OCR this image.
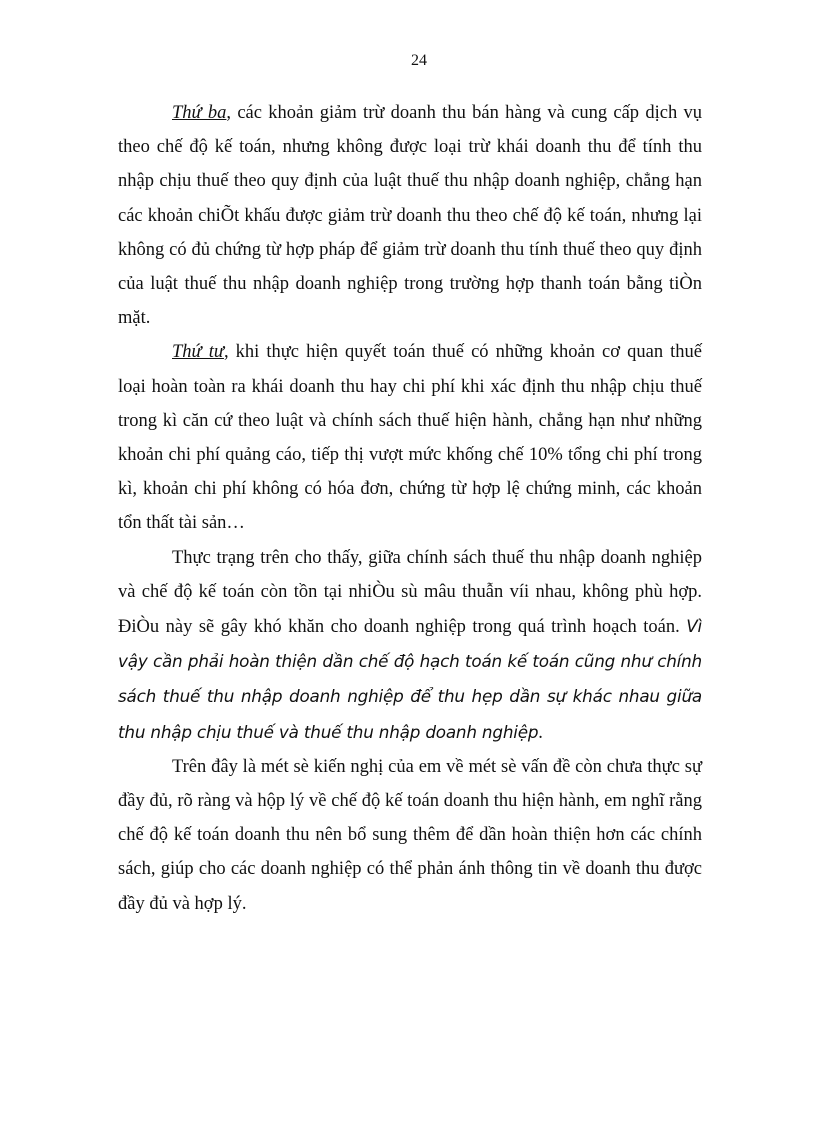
24

Thứ ba, các khoản giảm trừ doanh thu bán hàng và cung cấp dịch vụ theo chế độ kế toán, nhưng không được loại trừ khái doanh thu để tính thu nhập chịu thuế theo quy định của luật thuế thu nhập doanh nghiệp, chẳng hạn các khoản chiÕt khấu được giảm trừ doanh thu theo chế độ kế toán, nhưng lại không có đủ chứng từ hợp pháp để giảm trừ doanh thu tính thuế theo quy định của luật thuế thu nhập doanh nghiệp trong trường hợp thanh toán bằng tiÒn mặt.

Thứ tư, khi thực hiện quyết toán thuế có những khoản cơ quan thuế loại hoàn toàn ra khái doanh thu hay chi phí khi xác định thu nhập chịu thuế trong kì căn cứ theo luật và chính sách thuế hiện hành, chẳng hạn như những khoản chi phí quảng cáo, tiếp thị vượt mức khống chế 10% tổng chi phí trong kì, khoản chi phí không có hóa đơn, chứng từ hợp lệ chứng minh, các khoản tổn thất tài sản…

Thực trạng trên cho thấy, giữa chính sách thuế thu nhập doanh nghiệp và chế độ kế toán còn tồn tại nhiÒu sù mâu thuẫn víi nhau, không phù hợp. ĐiÒu này sẽ gây khó khăn cho doanh nghiệp trong quá trình hoạch toán. Vì vậy cần phải hoàn thiện dần chế độ hạch toán kế toán cũng như chính sách thuế thu nhập doanh nghiệp để thu hẹp dần sự khác nhau giữa thu nhập chịu thuế và thuế thu nhập doanh nghiệp.

Trên đây là mét sè kiến nghị của em về mét sè vấn đề còn chưa thực sự đầy đủ, rõ ràng và hộp lý về chế độ kế toán doanh thu hiện hành, em nghĩ rằng chế độ kế toán doanh thu nên bổ sung thêm để dần hoàn thiện hơn các chính sách, giúp cho các doanh nghiệp có thể phản ánh thông tin về doanh thu được đầy đủ và hợp lý.
